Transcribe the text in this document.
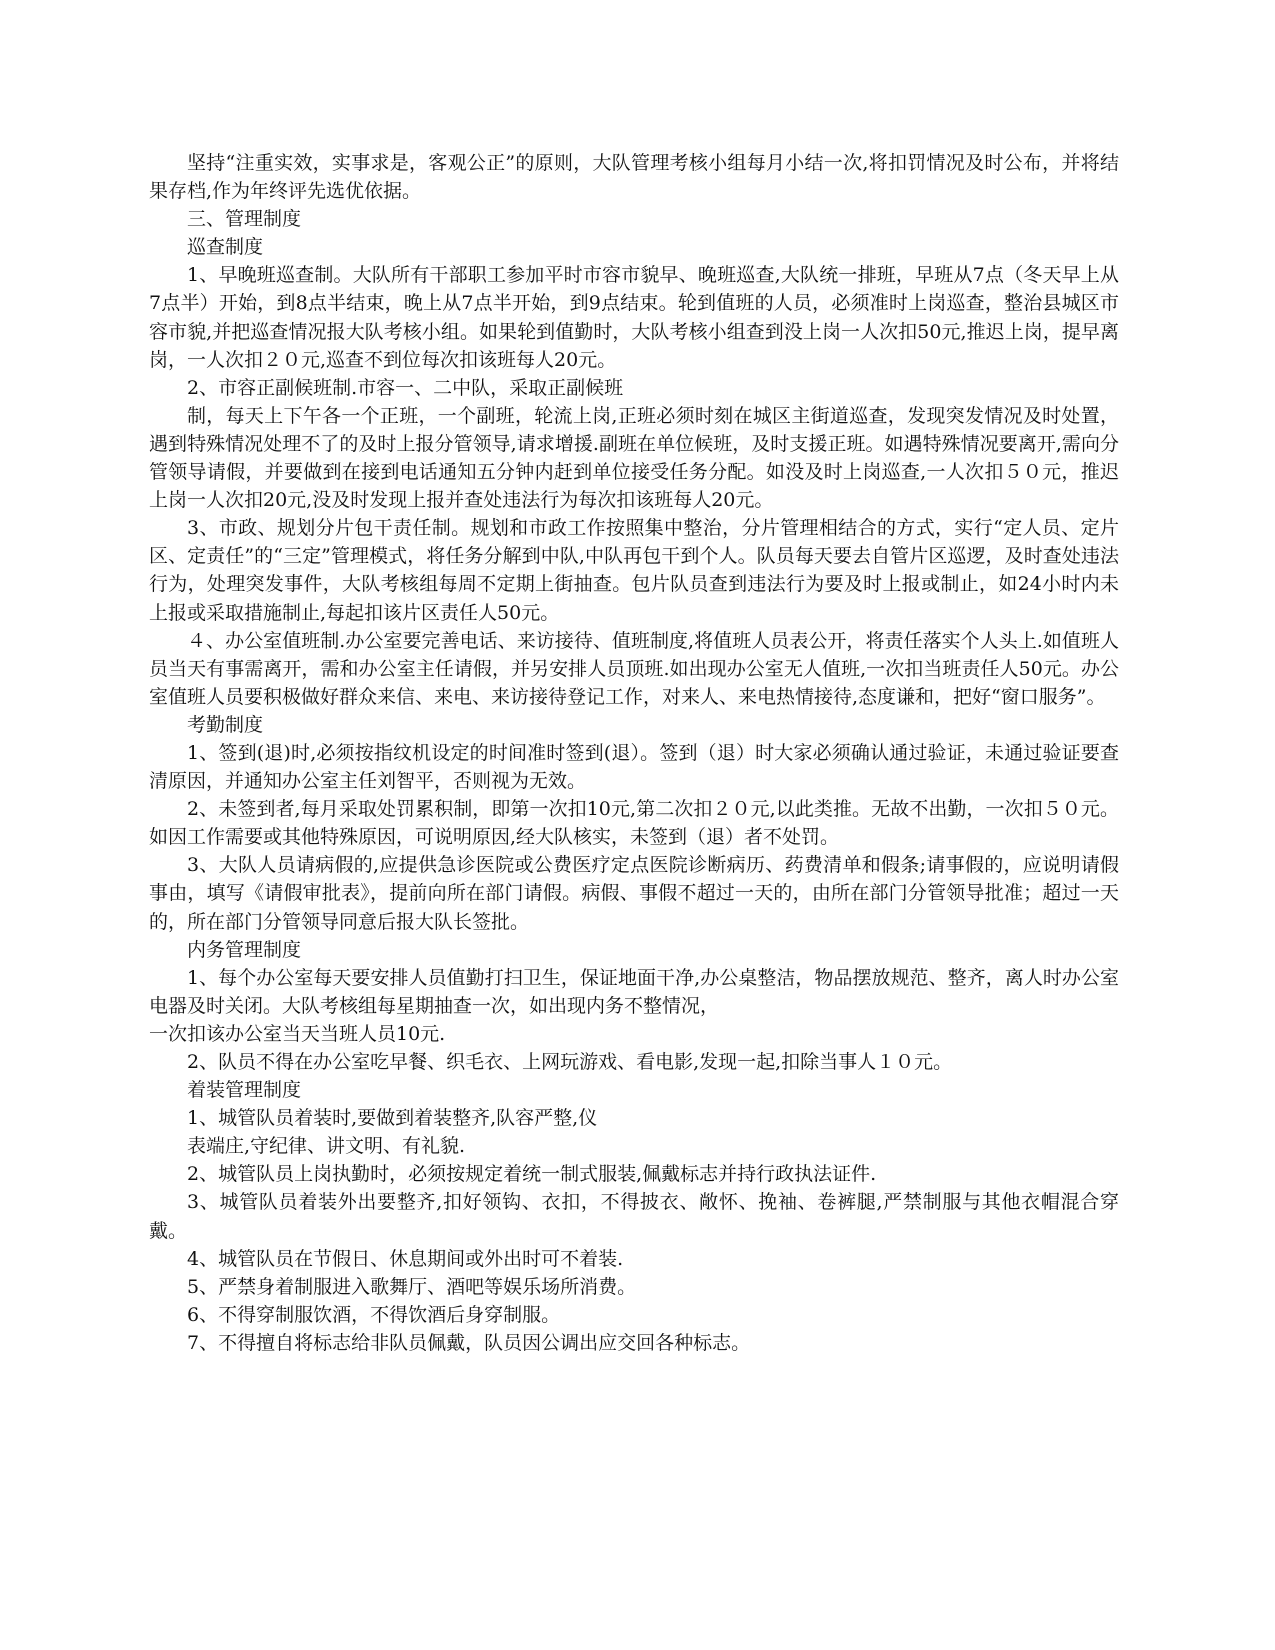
坚持“注重实效，实事求是，客观公正”的原则，大队管理考核小组每月小结一次,将扣罚情况及时公布，并将结果存档,作为年终评先选优依据。

三、管理制度

巡查制度

1、早晚班巡查制。大队所有干部职工参加平时市容市貌早、晚班巡查,大队统一排班，早班从7点（冬天早上从7点半）开始，到8点半结束，晚上从7点半开始，到9点结束。轮到值班的人员，必须准时上岗巡查，整治县城区市容市貌,并把巡查情况报大队考核小组。如果轮到值勤时，大队考核小组查到没上岗一人次扣50元,推迟上岗，提早离岗，一人次扣２０元,巡查不到位每次扣该班每人20元。

2、市容正副候班制.市容一、二中队，采取正副候班

制，每天上下午各一个正班，一个副班，轮流上岗,正班必须时刻在城区主街道巡查，发现突发情况及时处置，遇到特殊情况处理不了的及时上报分管领导,请求增援.副班在单位候班，及时支援正班。如遇特殊情况要离开,需向分管领导请假，并要做到在接到电话通知五分钟内赶到单位接受任务分配。如没及时上岗巡查,一人次扣５０元，推迟上岗一人次扣20元,没及时发现上报并查处违法行为每次扣该班每人20元。

3、市政、规划分片包干责任制。规划和市政工作按照集中整治，分片管理相结合的方式，实行“定人员、定片区、定责任”的“三定”管理模式，将任务分解到中队,中队再包干到个人。队员每天要去自管片区巡逻，及时查处违法行为，处理突发事件，大队考核组每周不定期上街抽查。包片队员查到违法行为要及时上报或制止，如24小时内未上报或采取措施制止,每起扣该片区责任人50元。

４、办公室值班制.办公室要完善电话、来访接待、值班制度,将值班人员表公开，将责任落实个人头上.如值班人员当天有事需离开，需和办公室主任请假，并另安排人员顶班.如出现办公室无人值班,一次扣当班责任人50元。办公室值班人员要积极做好群众来信、来电、来访接待登记工作，对来人、来电热情接待,态度谦和，把好“窗口服务”。

考勤制度

1、签到(退)时,必须按指纹机设定的时间准时签到(退）。签到（退）时大家必须确认通过验证，未通过验证要查清原因，并通知办公室主任刘智平，否则视为无效。

2、未签到者,每月采取处罚累积制，即第一次扣10元,第二次扣２０元,以此类推。无故不出勤，一次扣５０元。如因工作需要或其他特殊原因，可说明原因,经大队核实，未签到（退）者不处罚。

3、大队人员请病假的,应提供急诊医院或公费医疗定点医院诊断病历、药费清单和假条;请事假的，应说明请假事由，填写《请假审批表》，提前向所在部门请假。病假、事假不超过一天的，由所在部门分管领导批准；超过一天的，所在部门分管领导同意后报大队长签批。

内务管理制度

1、每个办公室每天要安排人员值勤打扫卫生，保证地面干净,办公桌整洁，物品摆放规范、整齐，离人时办公室电器及时关闭。大队考核组每星期抽查一次，如出现内务不整情况，

一次扣该办公室当天当班人员10元.

2、队员不得在办公室吃早餐、织毛衣、上网玩游戏、看电影,发现一起,扣除当事人１０元。

着装管理制度

1、城管队员着装时,要做到着装整齐,队容严整,仪

表端庄,守纪律、讲文明、有礼貌.

2、城管队员上岗执勤时，必须按规定着统一制式服装,佩戴标志并持行政执法证件.

3、城管队员着装外出要整齐,扣好领钩、衣扣，不得披衣、敞怀、挽袖、卷裤腿,严禁制服与其他衣帽混合穿戴。

4、城管队员在节假日、休息期间或外出时可不着装.

5、严禁身着制服进入歌舞厅、酒吧等娱乐场所消费。

6、不得穿制服饮酒，不得饮酒后身穿制服。

7、不得擅自将标志给非队员佩戴，队员因公调出应交回各种标志。
